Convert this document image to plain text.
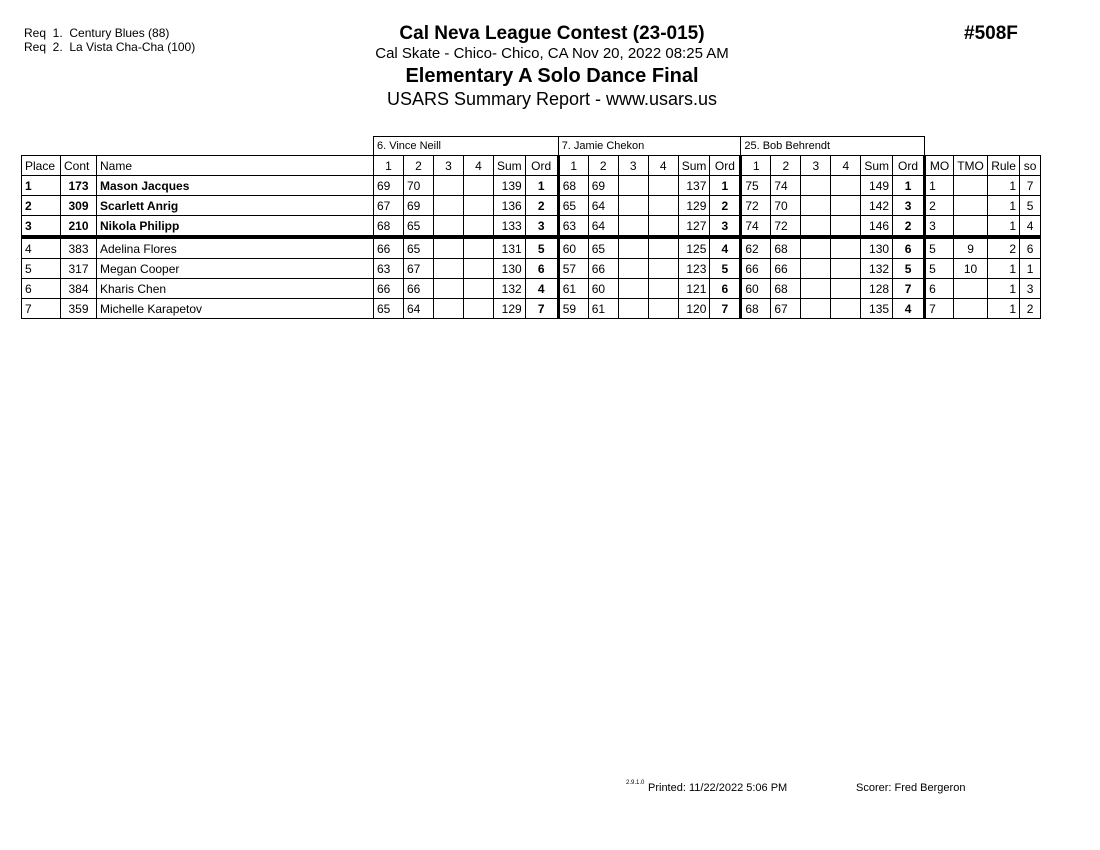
Req  1.  Century Blues (88)
Req  2.  La Vista Cha-Cha (100)
Cal Neva League Contest (23-015)
Cal Skate - Chico- Chico, CA Nov 20, 2022 08:25 AM
Elementary A Solo Dance Final
USARS Summary Report - www.usars.us
#508F
			6. Vince Neill						7. Jamie Chekon						25. Bob Behrendt									
Place	Cont	Name	1	2	3	4	Sum	Ord	1	2	3	4	Sum	Ord	1	2	3	4	Sum	Ord	MO	TMO	Rule	so
1	173	Mason Jacques	69	70			139	1	68	69			137	1	75	74			149	1	1		1	7
2	309	Scarlett Anrig	67	69			136	2	65	64			129	2	72	70			142	3	2		1	5
3	210	Nikola Philipp	68	65			133	3	63	64			127	3	74	72			146	2	3		1	4
4	383	Adelina Flores	66	65			131	5	60	65			125	4	62	68			130	6	5	9	2	6
5	317	Megan Cooper	63	67			130	6	57	66			123	5	66	66			132	5	5	10	1	1
6	384	Kharis Chen	66	66			132	4	61	60			121	6	60	68			128	7	6		1	3
7	359	Michelle Karapetov	65	64			129	7	59	61			120	7	68	67			135	4	7		1	2
2.9.1.0 Printed: 11/22/2022 5:06 PM	Scorer: Fred Bergeron
